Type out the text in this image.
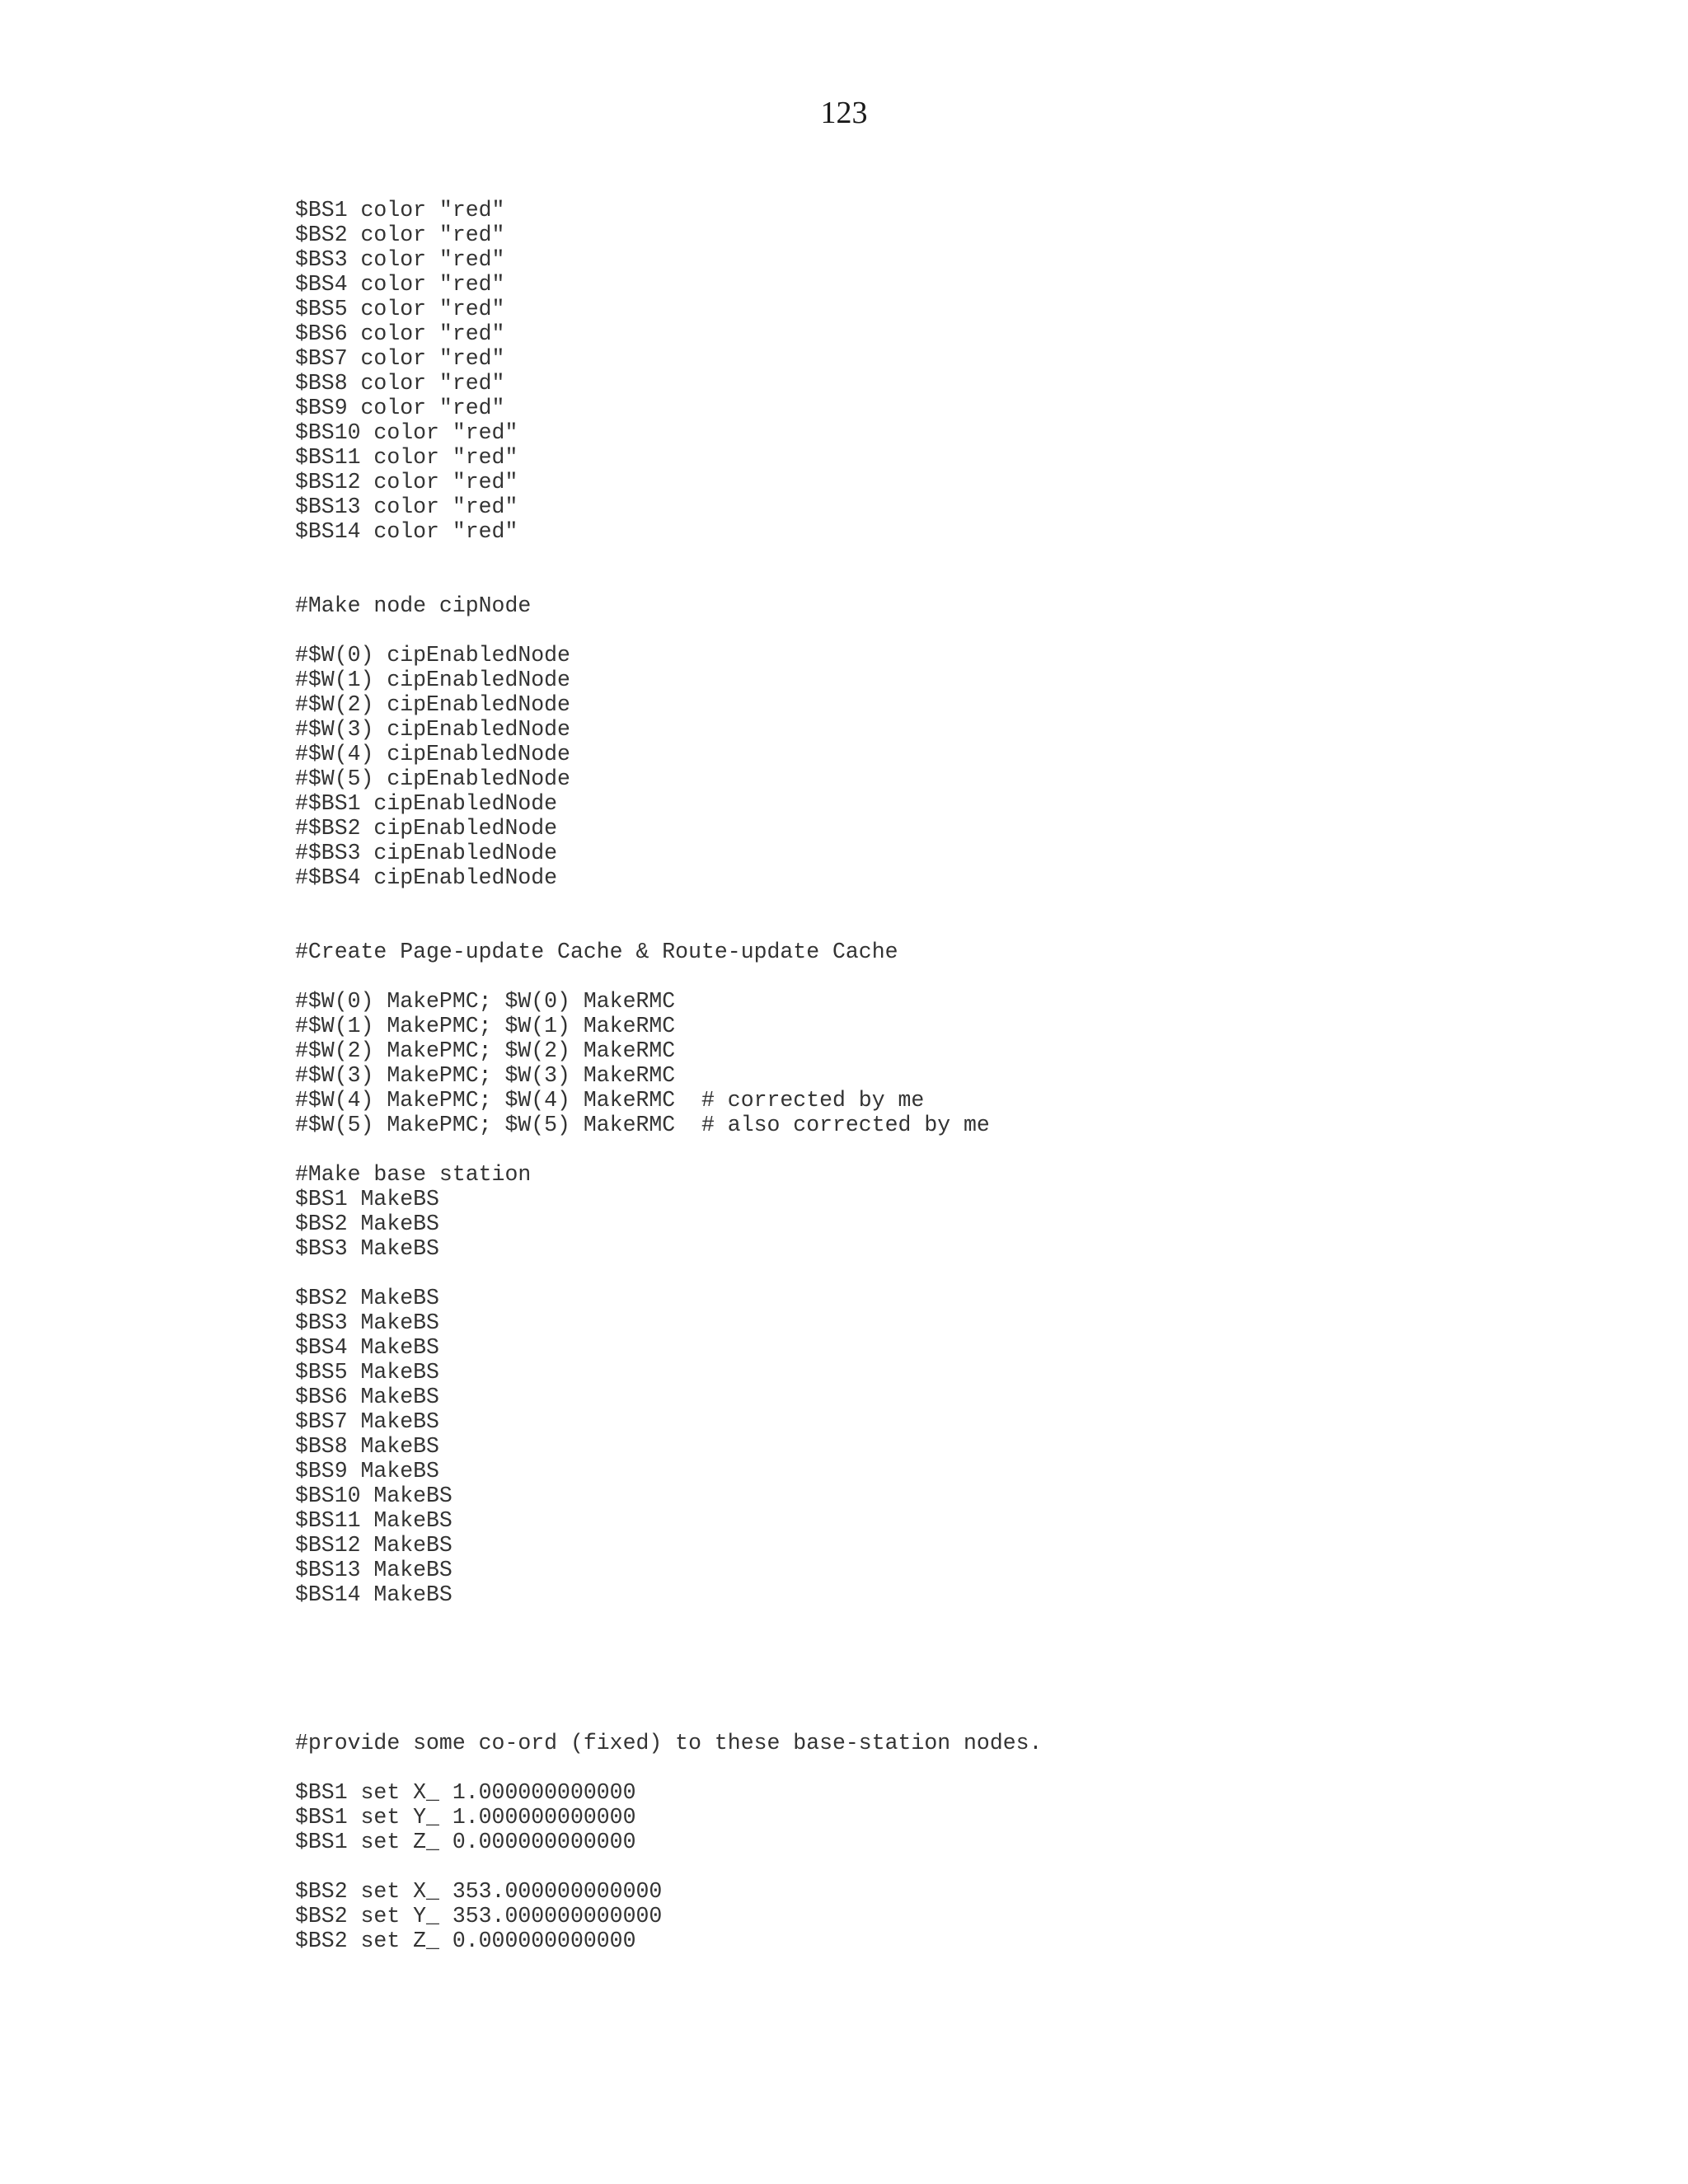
123
$BS1 color "red"
$BS2 color "red"
$BS3 color "red"
$BS4 color "red"
$BS5 color "red"
$BS6 color "red"
$BS7 color "red"
$BS8 color "red"
$BS9 color "red"
$BS10 color "red"
$BS11 color "red"
$BS12 color "red"
$BS13 color "red"
$BS14 color "red"
#Make node cipNode
#$W(0) cipEnabledNode
#$W(1) cipEnabledNode
#$W(2) cipEnabledNode
#$W(3) cipEnabledNode
#$W(4) cipEnabledNode
#$W(5) cipEnabledNode
#$BS1 cipEnabledNode
#$BS2 cipEnabledNode
#$BS3 cipEnabledNode
#$BS4 cipEnabledNode
#Create Page-update Cache & Route-update Cache
#$W(0) MakePMC; $W(0) MakeRMC
#$W(1) MakePMC; $W(1) MakeRMC
#$W(2) MakePMC; $W(2) MakeRMC
#$W(3) MakePMC; $W(3) MakeRMC
#$W(4) MakePMC; $W(4) MakeRMC  # corrected by me
#$W(5) MakePMC; $W(5) MakeRMC  # also corrected by me
#Make base station
$BS1 MakeBS
$BS2 MakeBS
$BS3 MakeBS
$BS2 MakeBS
$BS3 MakeBS
$BS4 MakeBS
$BS5 MakeBS
$BS6 MakeBS
$BS7 MakeBS
$BS8 MakeBS
$BS9 MakeBS
$BS10 MakeBS
$BS11 MakeBS
$BS12 MakeBS
$BS13 MakeBS
$BS14 MakeBS
#provide some co-ord (fixed) to these base-station nodes.
$BS1 set X_ 1.000000000000
$BS1 set Y_ 1.000000000000
$BS1 set Z_ 0.000000000000
$BS2 set X_ 353.000000000000
$BS2 set Y_ 353.000000000000
$BS2 set Z_ 0.000000000000
